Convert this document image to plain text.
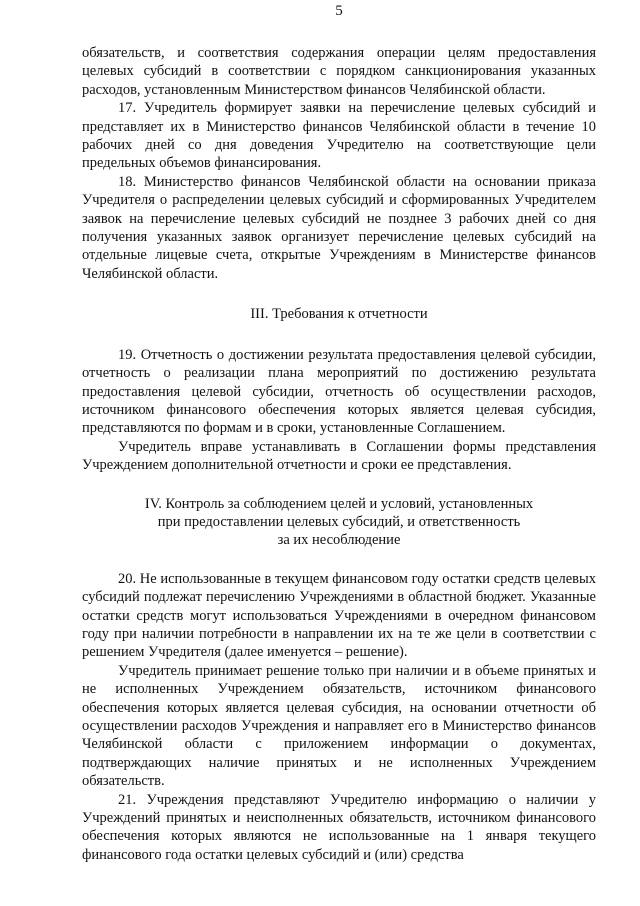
5

обязательств, и соответствия содержания операции целям предоставления целевых субсидий в соответствии с порядком санкционирования указанных расходов, установленным Министерством финансов Челябинской области.

17. Учредитель формирует заявки на перечисление целевых субсидий и представляет их в Министерство финансов Челябинской области в течение 10 рабочих дней со дня доведения Учредителю на соответствующие цели предельных объемов финансирования.

18. Министерство финансов Челябинской области на основании приказа Учредителя о распределении целевых субсидий и сформированных Учредителем заявок на перечисление целевых субсидий не позднее 3 рабочих дней со дня получения указанных заявок организует перечисление целевых субсидий на отдельные лицевые счета, открытые Учреждениям в Министерстве финансов Челябинской области.

III. Требования к отчетности

19. Отчетность о достижении результата предоставления целевой субсидии, отчетность о реализации плана мероприятий по достижению результата предоставления целевой субсидии, отчетность об осуществлении расходов, источником финансового обеспечения которых является целевая субсидия, представляются по формам и в сроки, установленные Соглашением.

Учредитель вправе устанавливать в Соглашении формы представления Учреждением дополнительной отчетности и сроки ее представления.

IV. Контроль за соблюдением целей и условий, установленных
при предоставлении целевых субсидий, и ответственность
за их несоблюдение

20. Не использованные в текущем финансовом году остатки средств целевых субсидий подлежат перечислению Учреждениями в областной бюджет. Указанные остатки средств могут использоваться Учреждениями в очередном финансовом году при наличии потребности в направлении их на те же цели в соответствии с решением Учредителя (далее именуется – решение).

Учредитель принимает решение только при наличии и в объеме принятых и не исполненных Учреждением обязательств, источником финансового обеспечения которых является целевая субсидия, на основании отчетности об осуществлении расходов Учреждения и направляет его в Министерство финансов Челябинской области с приложением информации о документах, подтверждающих наличие принятых и не исполненных Учреждением обязательств.

21. Учреждения представляют Учредителю информацию о наличии у Учреждений принятых и неисполненных обязательств, источником финансового обеспечения которых являются не использованные на 1 января текущего финансового года остатки целевых субсидий и (или) средства
